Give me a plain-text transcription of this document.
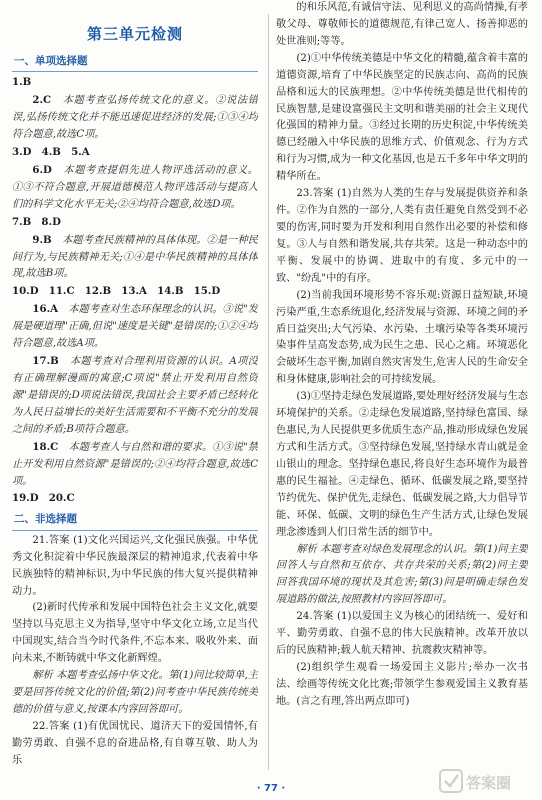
第三单元检测
一、单项选择题

1.B

2.C　本题考查弘扬传统文化的意义。②说法错误,弘扬传统文化并不能迅速促进经济的发展;①③④均符合题意,故选C项。

3.D　4.B　5.A

6.D　本题考查提倡先进人物评选活动的意义。①③不符合题意,开展道德模范人物评选活动与提高人们的科学文化水平无关;②④均符合题意,故选D项。

7.B　8.D

9.B　本题考查民族精神的具体体现。②是一种民间行为,与民族精神无关;①④是中华民族精神的具体体现,故选B项。

10.D　11.C　12.B　13.A　14.B　15.D

16.A　本题考查对生态环保理念的认识。③说"发展是硬道理"正确,但说"速度是关键"是错误的;①②④均符合题意,故选A项。

17.B　本题考查对合理利用资源的认识。A项没有正确理解漫画的寓意;C项说"禁止开发利用自然资源"是错误的;D项说法错误,我国社会主要矛盾已经转化为人民日益增长的美好生活需要和不平衡不充分的发展之间的矛盾;B项符合题意。

18.C　本题考查人与自然和谐的要求。①③说"禁止开发利用自然资源"是错误的;②④均符合题意,故选C项。

19.D　20.C

二、非选择题

21.答案 (1)文化兴国运兴,文化强民族强。中华优秀文化积淀着中华民族最深层的精神追求,代表着中华民族独特的精神标识,为中华民族的伟大复兴提供精神动力。

(2)新时代传承和发展中国特色社会主义文化,就要坚持以马克思主义为指导,坚守中华文化立场,立足当代中国现实,结合当今时代条件,不忘本来、吸收外来、面向未来,不断铸就中华文化新辉煌。

解析 本题考查弘扬中华文化。第(1)问比较简单,主要是回答传统文化的价值;第(2)问考查中华民族传统美德的价值与意义,按课本内容回答即可。

22.答案 (1)有优国忧民、道济天下的爱国情怀,有勤劳勇敢、自强不息的奋进品格,有自尊互敬、助人为乐

的和乐风范,有诚信守法、见利思义的高尚情操,有孝敬父母、尊敬师长的道德规范,有律己宽人、扬善抑恶的处世准则;等等。

(2)①中华传统美德是中华文化的精髓,蕴含着丰富的道德资源,培育了中华民族坚定的民族志向、高尚的民族品格和远大的民族理想。②中华传统美德是世代相传的民族智慧,是建设富强民主文明和谐美丽的社会主义现代化强国的精神力量。③经过长期的历史积淀,中华传统美德已经融入中华民族的思维方式、价值观念、行为方式和行为习惯,成为一种文化基因,也是五千多年中华文明的精华所在。

23.答案 (1)自然为人类的生存与发展提供资养和条件。②作为自然的一部分,人类有责任避免自然受到不必要的伤害,同时要为开发和利用自然作出必要的补偿和修复。③人与自然和谐发展,共存共荣。这是一种动态中的平衡、发展中的协调、进取中的有度、多元中的一致、"纷乱"中的有序。

(2)当前我国环境形势不容乐观:资源日益短缺,环境污染严重,生态系统退化,经济发展与资源、环境之间的矛盾日益突出;大气污染、水污染、土壤污染等各类环境污染事件呈高发态势,成为民生之患、民心之痛。环境恶化会破坏生态平衡,加剧自然灾害发生,危害人民的生命安全和身体健康,影响社会的可持续发展。

(3)①坚持走绿色发展道路,要处理好经济发展与生态环境保护的关系。②走绿色发展道路,坚持绿色富国、绿色惠民,为人民提供更多优质生态产品,推动形成绿色发展方式和生活方式。③坚持绿色发展,坚持绿水青山就是金山银山的理念。坚持绿色惠民,将良好生态环境作为最普惠的民生福祉。④走绿色、循环、低碳发展之路,要坚持节约优先、保护优先,走绿色、低碳发展之路,大力倡导节能、环保、低碳、文明的绿色生产生活方式,让绿色发展理念渗透到人们日常生活的细节中。

解析 本题考查对绿色发展理念的认识。第(1)问主要回答人与自然和互依存、共存共荣的关系;第(2)问主要回答我国环境的现状及其危害;第(3)问是明确走绿色发展道路的做法,按照教材内容回答即可。

24.答案 (1)以爱国主义为核心的团结统一、爱好和平、勤劳勇敢、自强不息的伟大民族精神。改革开放以后的民族精神;载人航天精神、抗震救灾精神等。

(2)组织学生观看一场爱国主义影片;举办一次书法、绘画等传统文化比赛;带领学生参观爱国主义教育基地。(言之有理,答出两点即可)

· 77 ·	答案圈
